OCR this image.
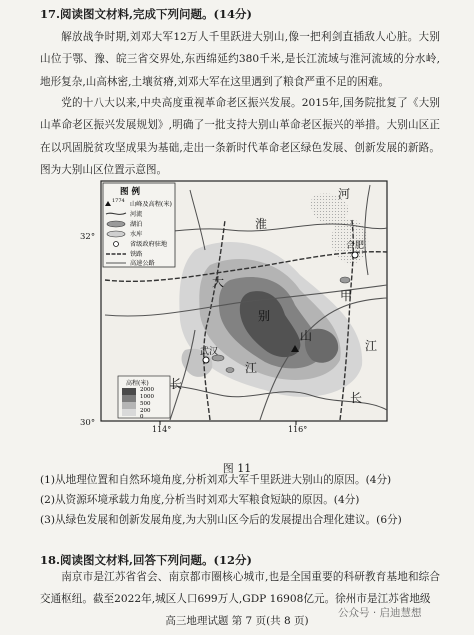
17.阅读图文材料,完成下列问题。(14分)

解放战争时期,刘邓大军12万人千里跃进大别山,像一把利剑直插敌人心脏。大别山位于鄂、豫、皖三省交界处,东西绵延约380千米,是长江流域与淮河流域的分水岭,地形复杂,山高林密,土壤贫瘠,刘邓大军在这里遇到了粮食严重不足的困难。

党的十八大以来,中央高度重视革命老区振兴发展。2015年,国务院批复了《大别山革命老区振兴发展规划》,明确了一批支持大别山革命老区振兴的举措。大别山区正在以巩固脱贫攻坚成果为基础,走出一条新时代革命老区绿色发展、创新发展的新路。图为大别山区位置示意图。

大
别
山
淮
河
甲
长
江
长
江
合肥
武汉
图 例
1774 山峰及高程(米)
河流
湖泊
水库
省级政府驻地
铁路
高速公路
高程(米)
2000
1000
500
200
0
114°	116°
32°
30°
图 11
(1)从地理位置和自然环境角度,分析刘邓大军千里跃进大别山的原因。(4分)
(2)从资源环境承载力角度,分析当时刘邓大军粮食短缺的原因。(4分)
(3)从绿色发展和创新发展角度,为大别山区今后的发展提出合理化建议。(6分)
18.阅读图文材料,回答下列问题。(12分)

南京市是江苏省省会、南京都市圈核心城市,也是全国重要的科研教育基地和综合交通枢纽。截至2022年,城区人口699万人,GDP 16908亿元。徐州市是江苏省地级

高三地理试题 第 7 页(共 8 页)
公众号 · 启迪慧想
